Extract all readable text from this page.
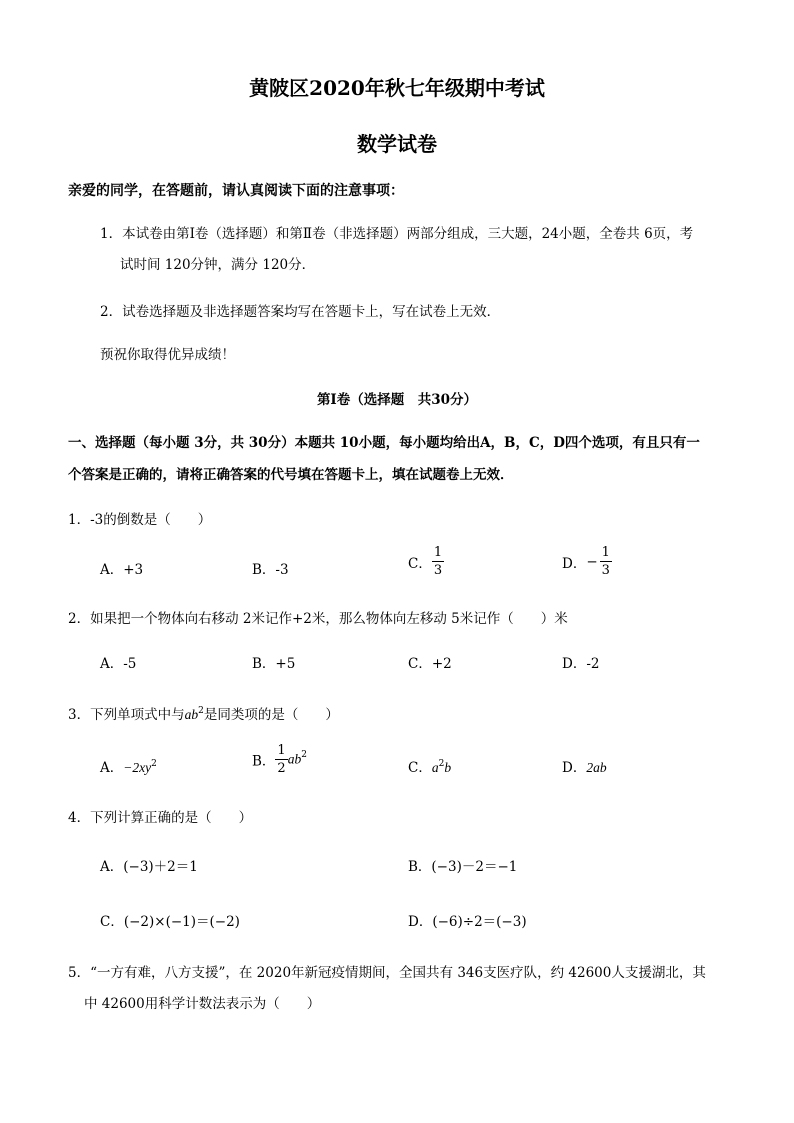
黄陂区2020年秋七年级期中考试
数学试卷
亲爱的同学，在答题前，请认真阅读下面的注意事项：
1．本试卷由第Ⅰ卷（选择题）和第Ⅱ卷（非选择题）两部分组成，三大题，24小题，全卷共 6页，考
试时间 120分钟，满分 120分．
2．试卷选择题及非选择题答案均写在答题卡上，写在试卷上无效．
预祝你取得优异成绩！
第Ⅰ卷（选择题　共30分）
一、选择题（每小题 3分，共 30分）本题共 10小题，每小题均给出A，B，C，D四个选项，有且只有一
个答案是正确的，请将正确答案的代号填在答题卡上，填在试题卷上无效．
1．-3的倒数是（　　）
A．+3	B．-3	C． $\frac{1}{3}$	D．− $\frac{1}{3}$
2．如果把一个物体向右移动 2米记作+2米，那么物体向左移动 5米记作（　　）米
A．-5	B．+5	C．+2	D．-2
3．下列单项式中与$ab^2$是同类项的是（　　）
A．$-2xy^2$	B． $\frac{1}{2} ab^2$
C．$a^2b$	D．2ab
4．下列计算正确的是（　　）
A．(−3)＋2＝1	B．(−3)－2＝−1
C．(−2)×(−1)＝(−2)	D．(−6)÷2＝(−3)
5．“一方有难，八方支援”，在 2020年新冠疫情期间，全国共有 346支医疗队，约 42600人支援湖北，其
中 42600用科学计数法表示为（　　）
